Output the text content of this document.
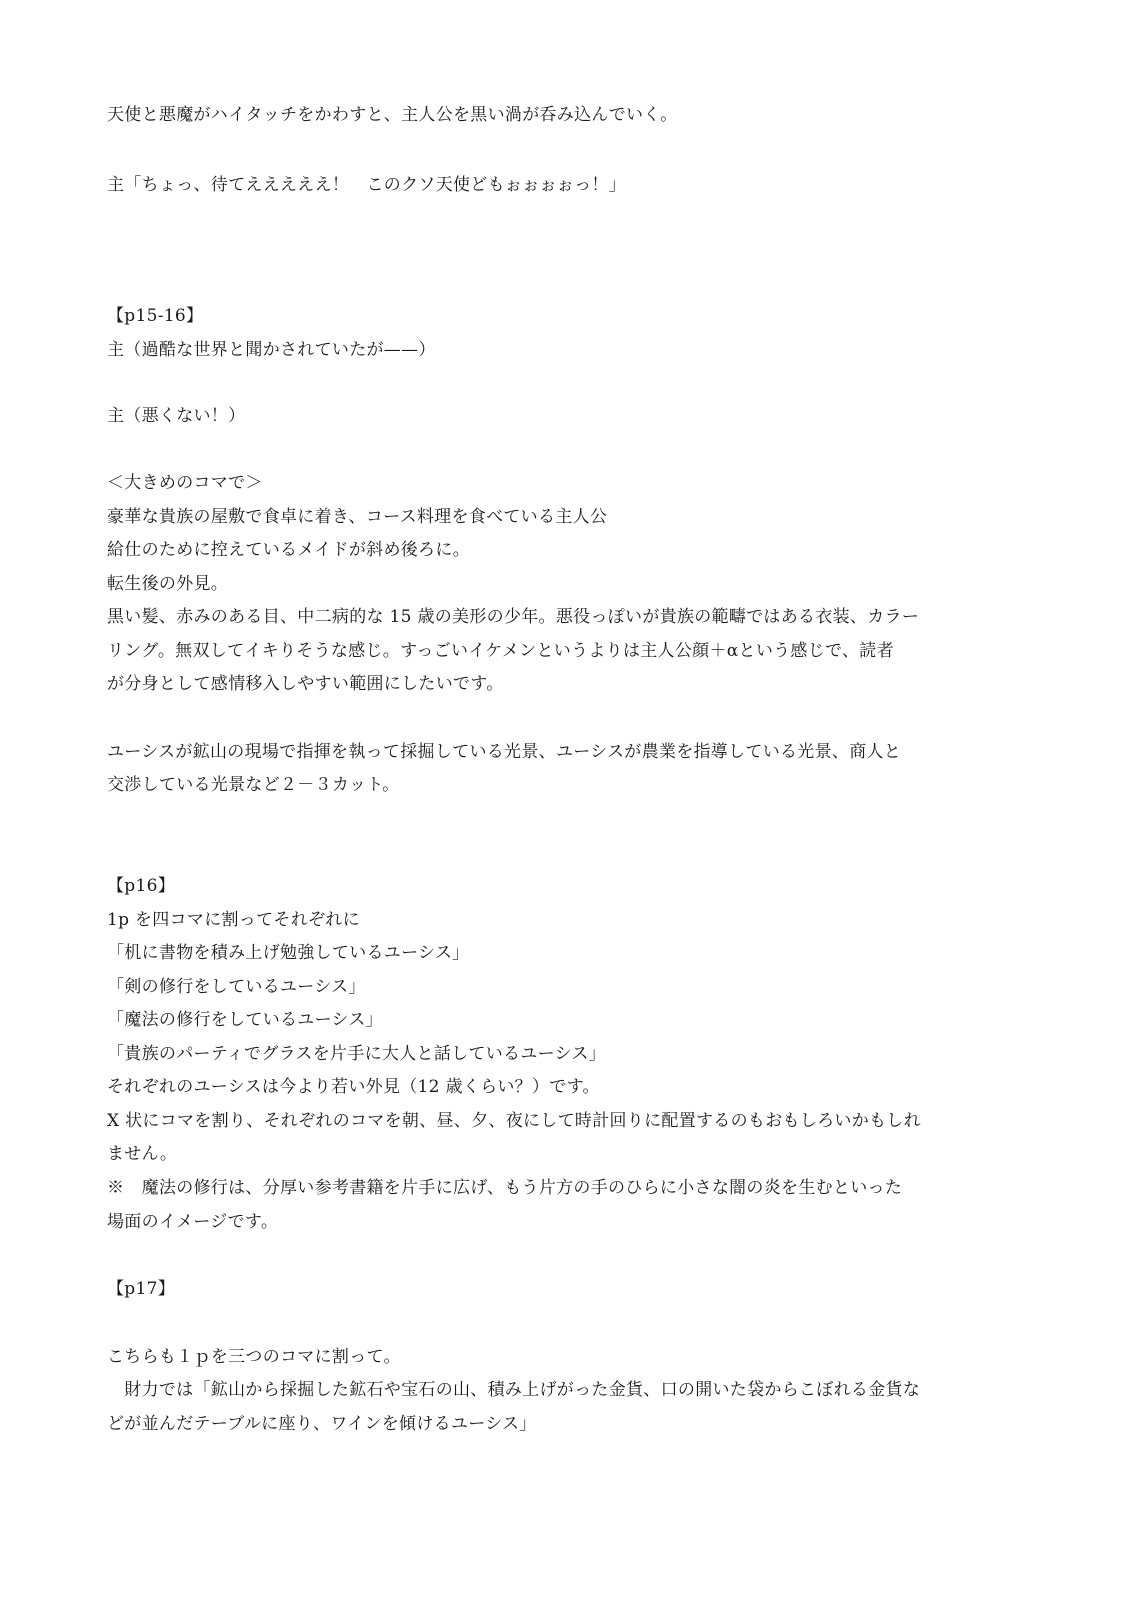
天使と悪魔がハイタッチをかわすと、主人公を黒い渦が呑み込んでいく。

主「ちょっ、待てえええええ！　このクソ天使どもぉぉぉぉっ！」

【p15-16】

主（過酷な世界と聞かされていたが——）

主（悪くない！）

＜大きめのコマで＞

豪華な貴族の屋敷で食卓に着き、コース料理を食べている主人公

給仕のために控えているメイドが斜め後ろに。

転生後の外見。

黒い髪、赤みのある目、中二病的な 15 歳の美形の少年。悪役っぽいが貴族の範疇ではある衣装、カラー

リング。無双してイキりそうな感じ。すっごいイケメンというよりは主人公顔＋αという感じで、読者

が分身として感情移入しやすい範囲にしたいです。

ユーシスが鉱山の現場で指揮を執って採掘している光景、ユーシスが農業を指導している光景、商人と

交渉している光景など２－３カット。

【p16】

1p を四コマに割ってそれぞれに

「机に書物を積み上げ勉強しているユーシス」

「剣の修行をしているユーシス」

「魔法の修行をしているユーシス」

「貴族のパーティでグラスを片手に大人と話しているユーシス」

それぞれのユーシスは今より若い外見（12 歳くらい？）です。

X 状にコマを割り、それぞれのコマを朝、昼、夕、夜にして時計回りに配置するのもおもしろいかもしれ

ません。

※　魔法の修行は、分厚い参考書籍を片手に広げ、もう片方の手のひらに小さな闇の炎を生むといった

場面のイメージです。

【p17】

こちらも１ｐを三つのコマに割って。

　財力では「鉱山から採掘した鉱石や宝石の山、積み上げがった金貨、口の開いた袋からこぼれる金貨な

どが並んだテーブルに座り、ワインを傾けるユーシス」
